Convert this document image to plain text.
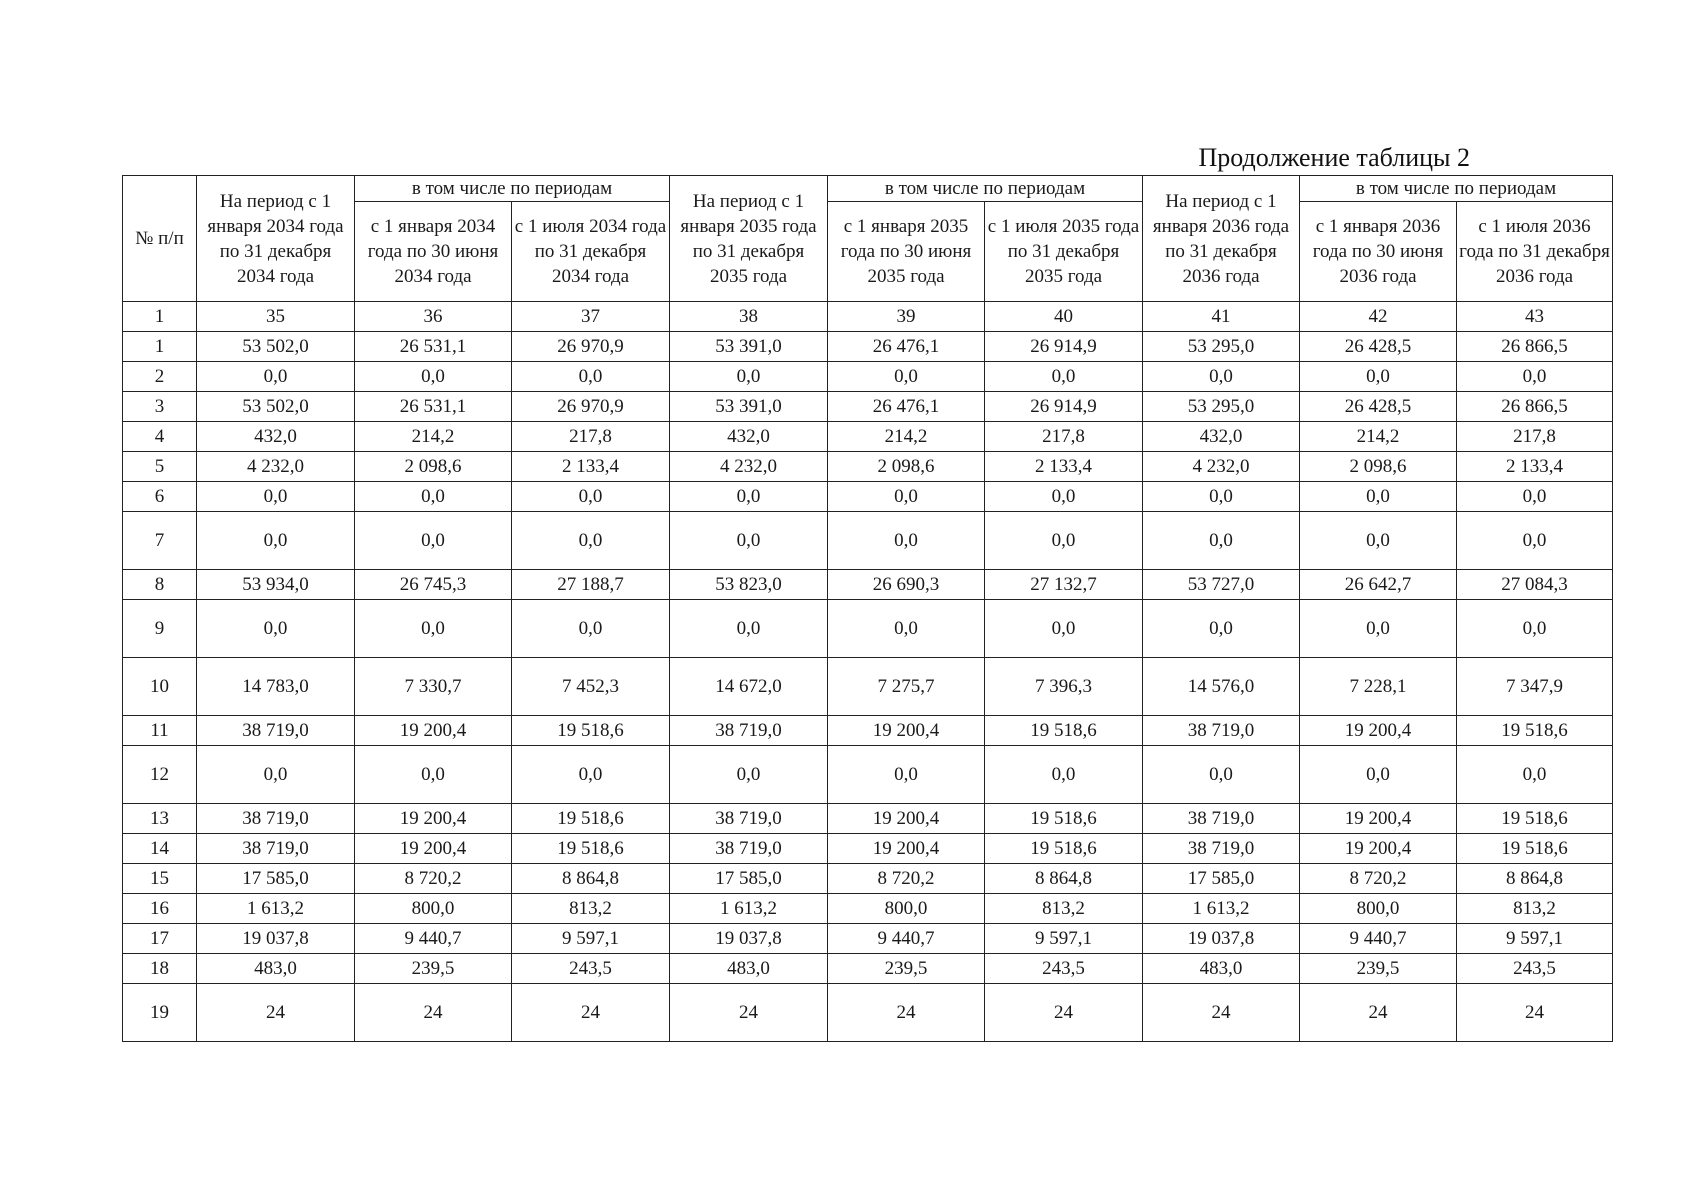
Продолжение таблицы 2
№ п/п	На период с 1 января 2034 года по 31 декабря 2034 года	в том числе по периодам		На период с 1 января 2035 года по 31 декабря 2035 года	в том числе по периодам		На период с 1 января 2036 года по 31 декабря 2036 года	в том числе по периодам	
		с 1 января 2034 года по 30 июня 2034 года	с 1 июля 2034 года по 31 декабря 2034 года		с 1 января 2035 года по 30 июня 2035 года	с 1 июля 2035 года по 31 декабря 2035 года		с 1 января 2036 года по 30 июня 2036 года	с 1 июля 2036 года по 31 декабря 2036 года
1	35	36	37	38	39	40	41	42	43
1	53 502,0	26 531,1	26 970,9	53 391,0	26 476,1	26 914,9	53 295,0	26 428,5	26 866,5
2	0,0	0,0	0,0	0,0	0,0	0,0	0,0	0,0	0,0
3	53 502,0	26 531,1	26 970,9	53 391,0	26 476,1	26 914,9	53 295,0	26 428,5	26 866,5
4	432,0	214,2	217,8	432,0	214,2	217,8	432,0	214,2	217,8
5	4 232,0	2 098,6	2 133,4	4 232,0	2 098,6	2 133,4	4 232,0	2 098,6	2 133,4
6	0,0	0,0	0,0	0,0	0,0	0,0	0,0	0,0	0,0
7	0,0	0,0	0,0	0,0	0,0	0,0	0,0	0,0	0,0
8	53 934,0	26 745,3	27 188,7	53 823,0	26 690,3	27 132,7	53 727,0	26 642,7	27 084,3
9	0,0	0,0	0,0	0,0	0,0	0,0	0,0	0,0	0,0
10	14 783,0	7 330,7	7 452,3	14 672,0	7 275,7	7 396,3	14 576,0	7 228,1	7 347,9
11	38 719,0	19 200,4	19 518,6	38 719,0	19 200,4	19 518,6	38 719,0	19 200,4	19 518,6
12	0,0	0,0	0,0	0,0	0,0	0,0	0,0	0,0	0,0
13	38 719,0	19 200,4	19 518,6	38 719,0	19 200,4	19 518,6	38 719,0	19 200,4	19 518,6
14	38 719,0	19 200,4	19 518,6	38 719,0	19 200,4	19 518,6	38 719,0	19 200,4	19 518,6
15	17 585,0	8 720,2	8 864,8	17 585,0	8 720,2	8 864,8	17 585,0	8 720,2	8 864,8
16	1 613,2	800,0	813,2	1 613,2	800,0	813,2	1 613,2	800,0	813,2
17	19 037,8	9 440,7	9 597,1	19 037,8	9 440,7	9 597,1	19 037,8	9 440,7	9 597,1
18	483,0	239,5	243,5	483,0	239,5	243,5	483,0	239,5	243,5
19	24	24	24	24	24	24	24	24	24
